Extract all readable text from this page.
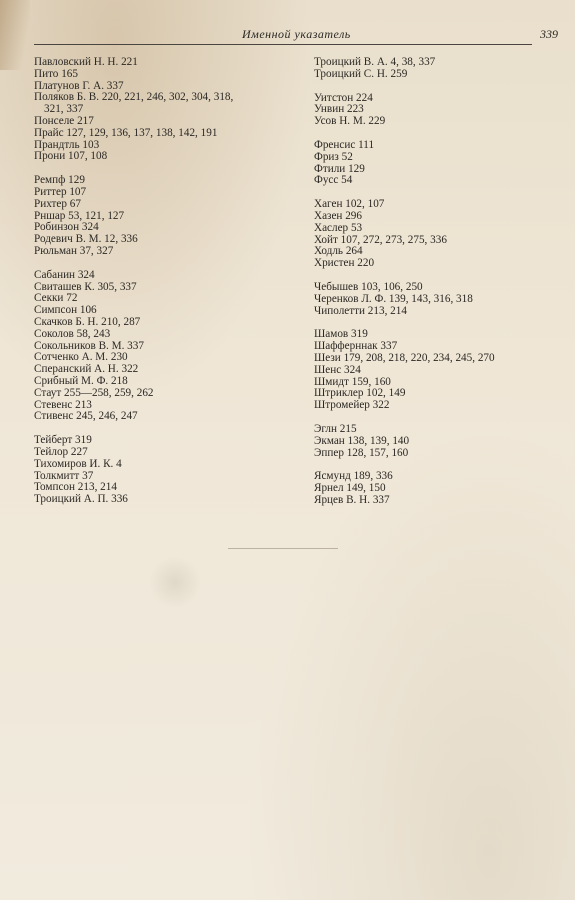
Именной указатель	339
Павловский Н. Н. 221
Пито 165
Платунов Г. А. 337
Поляков Б. В. 220, 221, 246, 302, 304, 318,
321, 337
Понселе 217
Прайс 127, 129, 136, 137, 138, 142, 191
Прандтль 103
Прони 107, 108
Ремпф 129
Риттер 107
Рихтер 67
Рншар 53, 121, 127
Робинзон 324
Родевич В. М. 12, 336
Рюльман 37, 327
Сабанин 324
Свиташев К. 305, 337
Секки 72
Симпсон 106
Скачков Б. Н. 210, 287
Соколов 58, 243
Сокольников В. М. 337
Сотченко А. М. 230
Сперанский А. Н. 322
Срибный М. Ф. 218
Стаут 255—258, 259, 262
Стевенс 213
Стивенс 245, 246, 247
Тейберт 319
Тейлор 227
Тихомиров И. К. 4
Толкмитт 37
Томпсон 213, 214
Троицкий А. П. 336
Троицкий В. А. 4, 38, 337
Троицкий С. Н. 259
Уитстон 224
Унвин 223
Усов Н. М. 229
Френсис 111
Фриз 52
Фтили 129
Фусс 54
Хаген 102, 107
Хазен 296
Хаслер 53
Хойт 107, 272, 273, 275, 336
Ходль 264
Христен 220
Чебышев 103, 106, 250
Черенков Л. Ф. 139, 143, 316, 318
Чиполетти 213, 214
Шамов 319
Шафферннак 337
Шези 179, 208, 218, 220, 234, 245, 270
Шенс 324
Шмидт 159, 160
Штриклер 102, 149
Штромейер 322
Эглн 215
Экман 138, 139, 140
Эппер 128, 157, 160
Ясмунд 189, 336
Ярнел 149, 150
Ярцев В. Н. 337
